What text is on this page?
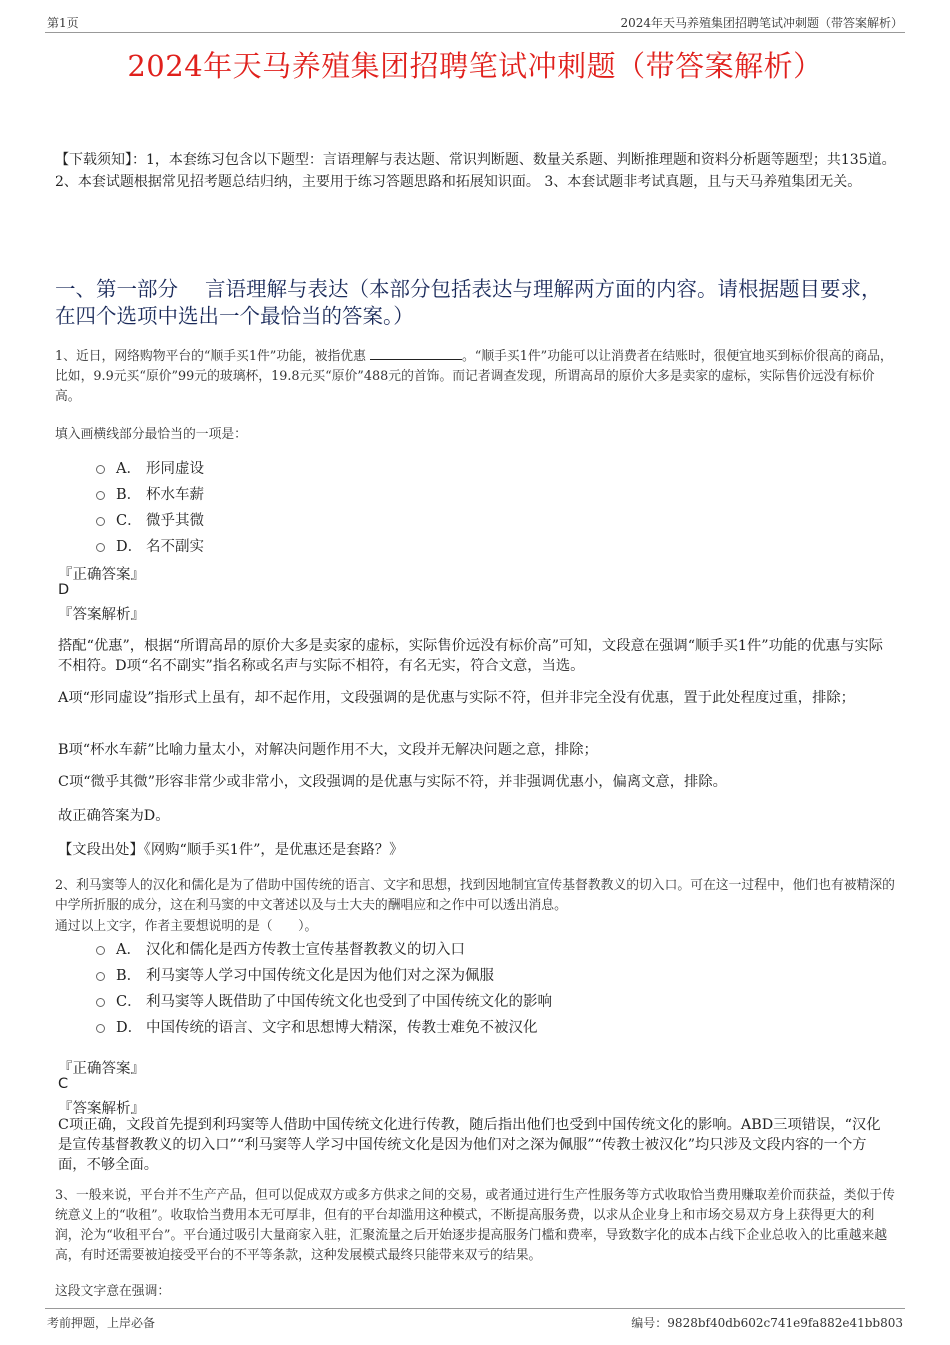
第1页	2024年天马养殖集团招聘笔试冲刺题（带答案解析）
2024年天马养殖集团招聘笔试冲刺题（带答案解析）
【下载须知】：1，本套练习包含以下题型：言语理解与表达题、常识判断题、数量关系题、判断推理题和资料分析题等题型；共135道。 2、本套试题根据常见招考题总结归纳，主要用于练习答题思路和拓展知识面。 3、本套试题非考试真题，且与天马养殖集团无关。
一、第一部分　 言语理解与表达（本部分包括表达与理解两方面的内容。请根据题目要求，在四个选项中选出一个最恰当的答案。）
1、近日，网络购物平台的“顺手买1件”功能，被指优惠	。“顺手买1件”功能可以让消费者在结账时，很便宜地买到标价很高的商品，比如，9.9元买“原价”99元的玻璃杯，19.8元买“原价”488元的首饰。而记者调查发现，所谓高昂的原价大多是卖家的虚标，实际售价远没有标价高。
填入画横线部分最恰当的一项是：
A． 形同虚设
B． 杯水车薪
C． 微乎其微
D． 名不副实
『正确答案』
D
『答案解析』
搭配“优惠”，根据“所谓高昂的原价大多是卖家的虚标，实际售价远没有标价高”可知，文段意在强调“顺手买1件”功能的优惠与实际不相符。D项“名不副实”指名称或名声与实际不相符，有名无实，符合文意，当选。
A项“形同虚设”指形式上虽有，却不起作用，文段强调的是优惠与实际不符，但并非完全没有优惠，置于此处程度过重，排除；
B项“杯水车薪”比喻力量太小，对解决问题作用不大，文段并无解决问题之意，排除；
C项“微乎其微”形容非常少或非常小，文段强调的是优惠与实际不符，并非强调优惠小，偏离文意，排除。
故正确答案为D。
【文段出处】《网购“顺手买1件”，是优惠还是套路？》
2、利马窦等人的汉化和儒化是为了借助中国传统的语言、文字和思想，找到因地制宜宣传基督教教义的切入口。可在这一过程中，他们也有被精深的中学所折服的成分，这在利马窦的中文著述以及与士大夫的酬唱应和之作中可以透出消息。
通过以上文字，作者主要想说明的是（　　）。
A． 汉化和儒化是西方传教士宣传基督教教义的切入口
B． 利马窦等人学习中国传统文化是因为他们对之深为佩服
C． 利马窦等人既借助了中国传统文化也受到了中国传统文化的影响
D． 中国传统的语言、文字和思想博大精深，传教士难免不被汉化
『正确答案』
C
『答案解析』
C项正确，文段首先提到利玛窦等人借助中国传统文化进行传教，随后指出他们也受到中国传统文化的影响。ABD三项错误，“汉化是宣传基督教教义的切入口”“利马窦等人学习中国传统文化是因为他们对之深为佩服”“传教士被汉化”均只涉及文段内容的一个方面，不够全面。
3、一般来说，平台并不生产产品，但可以促成双方或多方供求之间的交易，或者通过进行生产性服务等方式收取恰当费用赚取差价而获益，类似于传统意义上的“收租”。收取恰当费用本无可厚非，但有的平台却滥用这种模式，不断提高服务费，以求从企业身上和市场交易双方身上获得更大的利润，沦为“收租平台”。平台通过吸引大量商家入驻，汇聚流量之后开始逐步提高服务门槛和费率，导致数字化的成本占线下企业总收入的比重越来越高，有时还需要被迫接受平台的不平等条款，这种发展模式最终只能带来双亏的结果。
这段文字意在强调：
考前押题，上岸必备	编号：9828bf40db602c741e9fa882e41bb803
